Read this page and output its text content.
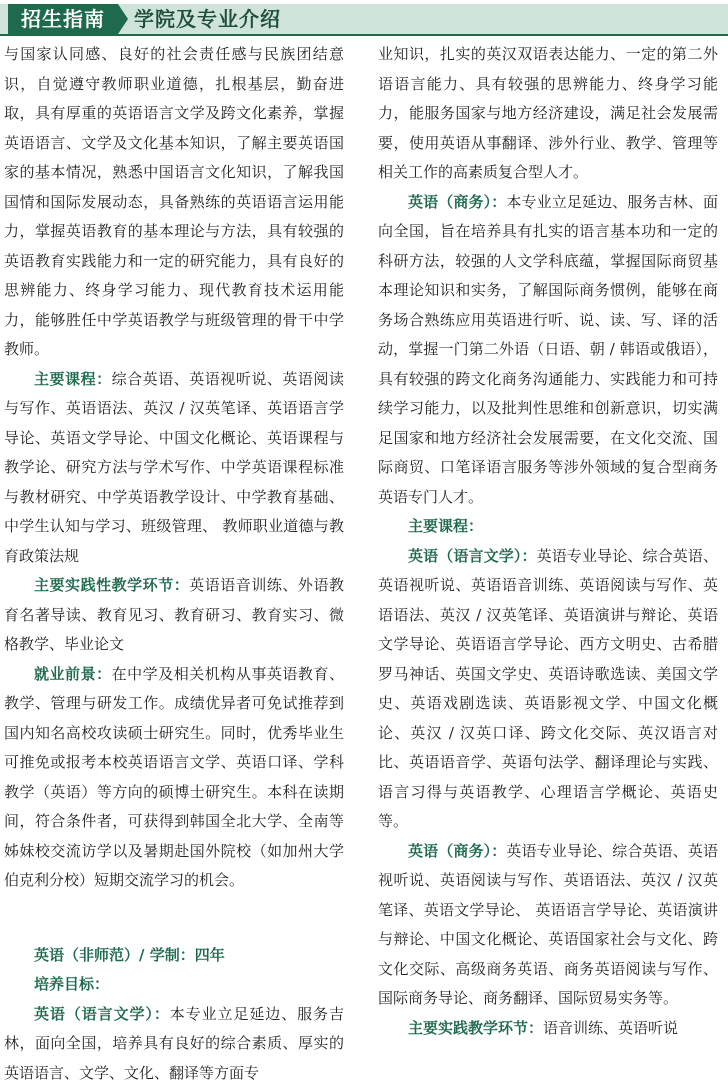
招生指南	学院及专业介绍

与国家认同感、良好的社会责任感与民族团结意识，自觉遵守教师职业道德，扎根基层，勤奋进取，具有厚重的英语语言文学及跨文化素养，掌握英语语言、文学及文化基本知识，了解主要英语国家的基本情况，熟悉中国语言文化知识，了解我国国情和国际发展动态，具备熟练的英语语言运用能力，掌握英语教育的基本理论与方法，具有较强的英语教育实践能力和一定的研究能力，具有良好的思辨能力、终身学习能力、现代教育技术运用能力，能够胜任中学英语教学与班级管理的骨干中学教师。

主要课程：综合英语、英语视听说、英语阅读与写作、英语语法、英汉 / 汉英笔译、英语语言学导论、英语文学导论、中国文化概论、英语课程与教学论、研究方法与学术写作、中学英语课程标准与教材研究、中学英语教学设计、中学教育基础、中学生认知与学习、班级管理、 教师职业道德与教育政策法规

主要实践性教学环节：英语语音训练、外语教育名著导读、教育见习、教育研习、教育实习、微格教学、毕业论文

就业前景：在中学及相关机构从事英语教育、教学、管理与研发工作。成绩优异者可免试推荐到国内知名高校攻读硕士研究生。同时，优秀毕业生可推免或报考本校英语语言文学、英语口译、学科教学（英语）等方向的硕博士研究生。本科在读期间，符合条件者，可获得到韩国全北大学、全南等姊妹校交流访学以及暑期赴国外院校（如加州大学伯克利分校）短期交流学习的机会。

英语（非师范）/ 学制：四年

培养目标：

英语（语言文学）：本专业立足延边、服务吉林，面向全国，培养具有良好的综合素质、厚实的英语语言、文学、文化、翻译等方面专

业知识，扎实的英汉双语表达能力、一定的第二外语语言能力、具有较强的思辨能力、终身学习能力，能服务国家与地方经济建设，满足社会发展需要，使用英语从事翻译、涉外行业、教学、管理等相关工作的高素质复合型人才。

英语（商务）：本专业立足延边、服务吉林、面向全国，旨在培养具有扎实的语言基本功和一定的科研方法，较强的人文学科底蕴，掌握国际商贸基本理论知识和实务，了解国际商务惯例，能够在商务场合熟练应用英语进行听、说、读、写、译的活动，掌握一门第二外语（日语、朝 / 韩语或俄语），具有较强的跨文化商务沟通能力、实践能力和可持续学习能力，以及批判性思维和创新意识，切实满足国家和地方经济社会发展需要，在文化交流、国际商贸、口笔译语言服务等涉外领域的复合型商务英语专门人才。

主要课程：

英语（语言文学）：英语专业导论、综合英语、英语视听说、英语语音训练、英语阅读与写作、英语语法、英汉 / 汉英笔译、英语演讲与辩论、英语文学导论、英语语言学导论、西方文明史、古希腊罗马神话、英国文学史、英语诗歌选读、美国文学史、英语戏剧选读、英语影视文学、中国文化概论、英汉 / 汉英口译、跨文化交际、英汉语言对比、英语语音学、英语句法学、翻译理论与实践、语言习得与英语教学、心理语言学概论、英语史等。

英语（商务）：英语专业导论、综合英语、英语视听说、英语阅读与写作、英语语法、英汉 / 汉英笔译、英语文学导论、 英语语言学导论、英语演讲与辩论、中国文化概论、英语国家社会与文化、跨文化交际、高级商务英语、商务英语阅读与写作、国际商务导论、商务翻译、国际贸易实务等。

主要实践教学环节：语音训练、英语听说
